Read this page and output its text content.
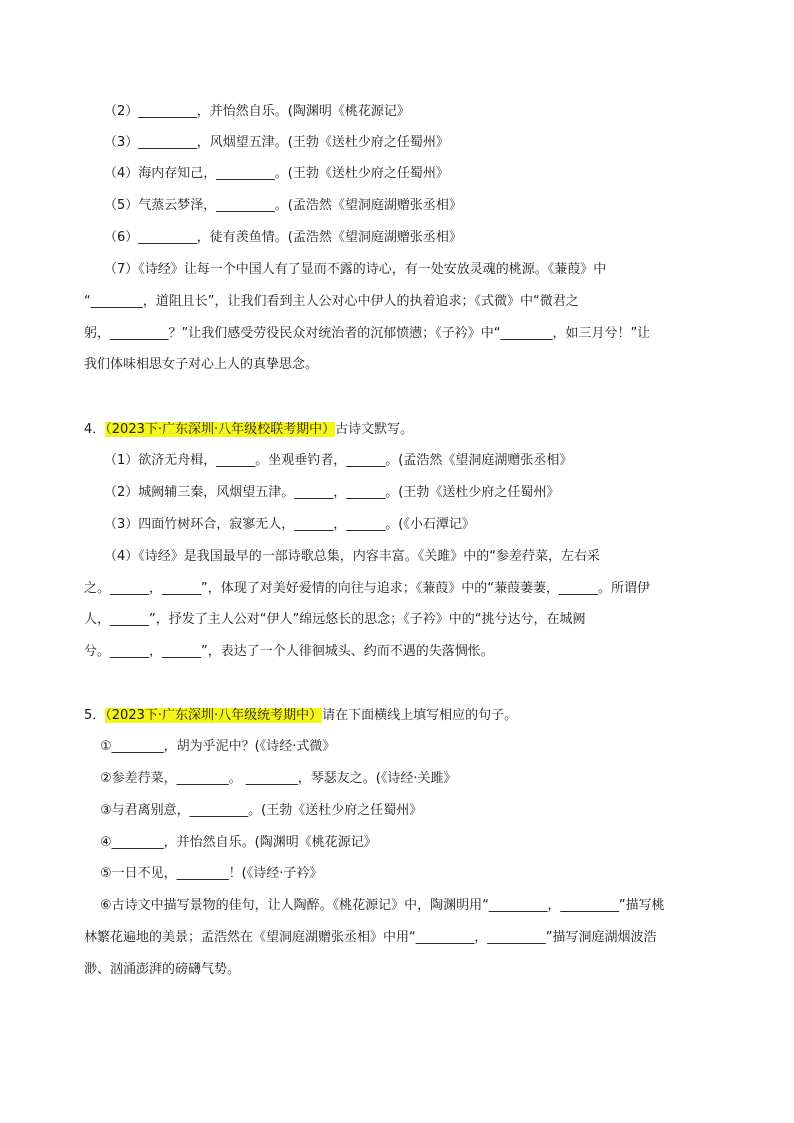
（2）_________，并怡然自乐。(陶渊明《桃花源记》
（3）_________，风烟望五津。(王勃《送杜少府之任蜀州》
（4）海内存知己，_________。(王勃《送杜少府之任蜀州》
（5）气蒸云梦泽，_________。(孟浩然《望洞庭湖赠张丞相》
（6）_________，徒有羡鱼情。(孟浩然《望洞庭湖赠张丞相》
（7）《诗经》让每一个中国人有了显而不露的诗心，有一处安放灵魂的桃源。《蒹葭》中
“________，道阻且长”，让我们看到主人公对心中伊人的执着追求；《式微》中“微君之
躬，_________？”让我们感受劳役民众对统治者的沉郁愤懑；《子衿》中“________，如三月兮！”让
我们体味相思女子对心上人的真挚思念。
4．（2023下·广东深圳·八年级校联考期中）古诗文默写。
（1）欲济无舟楫，______。坐观垂钓者，______。(孟浩然《望洞庭湖赠张丞相》
（2）城阙辅三秦，风烟望五津。______，______。(王勃《送杜少府之任蜀州》
（3）四面竹树环合，寂寥无人，______，______。(《小石潭记》
（4）《诗经》是我国最早的一部诗歌总集，内容丰富。《关雎》中的“参差荇菜，左右采
之。______，______”，体现了对美好爱情的向往与追求；《蒹葭》中的“蒹葭萋萋，______。所谓伊
人，______”，抒发了主人公对“伊人”绵远悠长的思念；《子衿》中的“挑兮达兮，在城阙
兮。______，______”，表达了一个人徘徊城头、约而不遇的失落惆怅。
5．（2023下·广东深圳·八年级统考期中）请在下面横线上填写相应的句子。
①________，胡为乎泥中？(《诗经·式微》
②参差荇菜，________。 ________，琴瑟友之。(《诗经·关雎》
③与君离别意，_________。(王勃《送杜少府之任蜀州》
④________，并怡然自乐。(陶渊明《桃花源记》
⑤一日不见，________！(《诗经·子衿》
⑥古诗文中描写景物的佳句，让人陶醉。《桃花源记》中，陶渊明用“_________，_________”描写桃
林繁花遍地的美景；孟浩然在《望洞庭湖赠张丞相》中用“_________，_________”描写洞庭湖烟波浩
渺、汹涌澎湃的磅礴气势。
